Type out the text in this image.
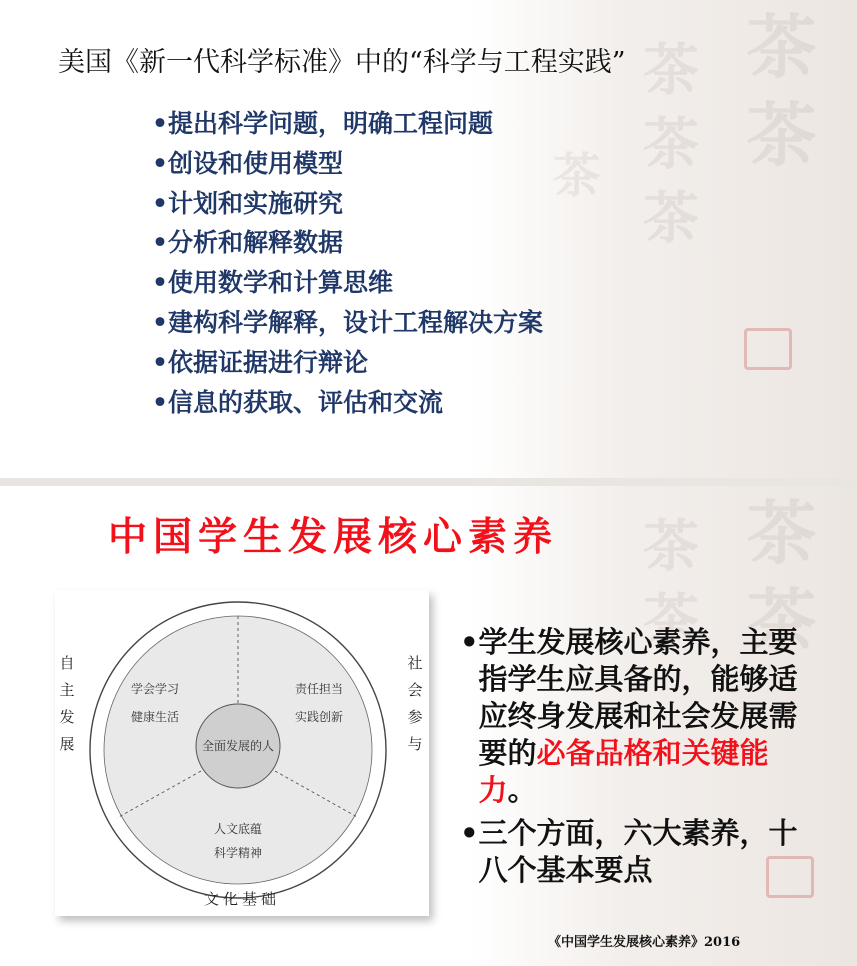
茶茶
茶茶茶
茶
茶茶
茶茶
美国《新一代科学标准》中的“科学与工程实践”
•提出科学问题，明确工程问题
•创设和使用模型
•计划和实施研究
•分析和解释数据
•使用数学和计算思维
•建构科学解释，设计工程解决方案
•依据证据进行辩论
•信息的获取、评估和交流
中国学生发展核心素养
全面发展的人
学会学习
健康生活
责任担当
实践创新
人文底蕴
科学精神
自
主
发
展
社
会
参
与
文化基础
• 学生发展核心素养，主要指学生应具备的，能够适应终身发展和社会发展需要的必备品格和关键能力。
• 三个方面，六大素养，十八个基本要点
《中国学生发展核心素养》2016
